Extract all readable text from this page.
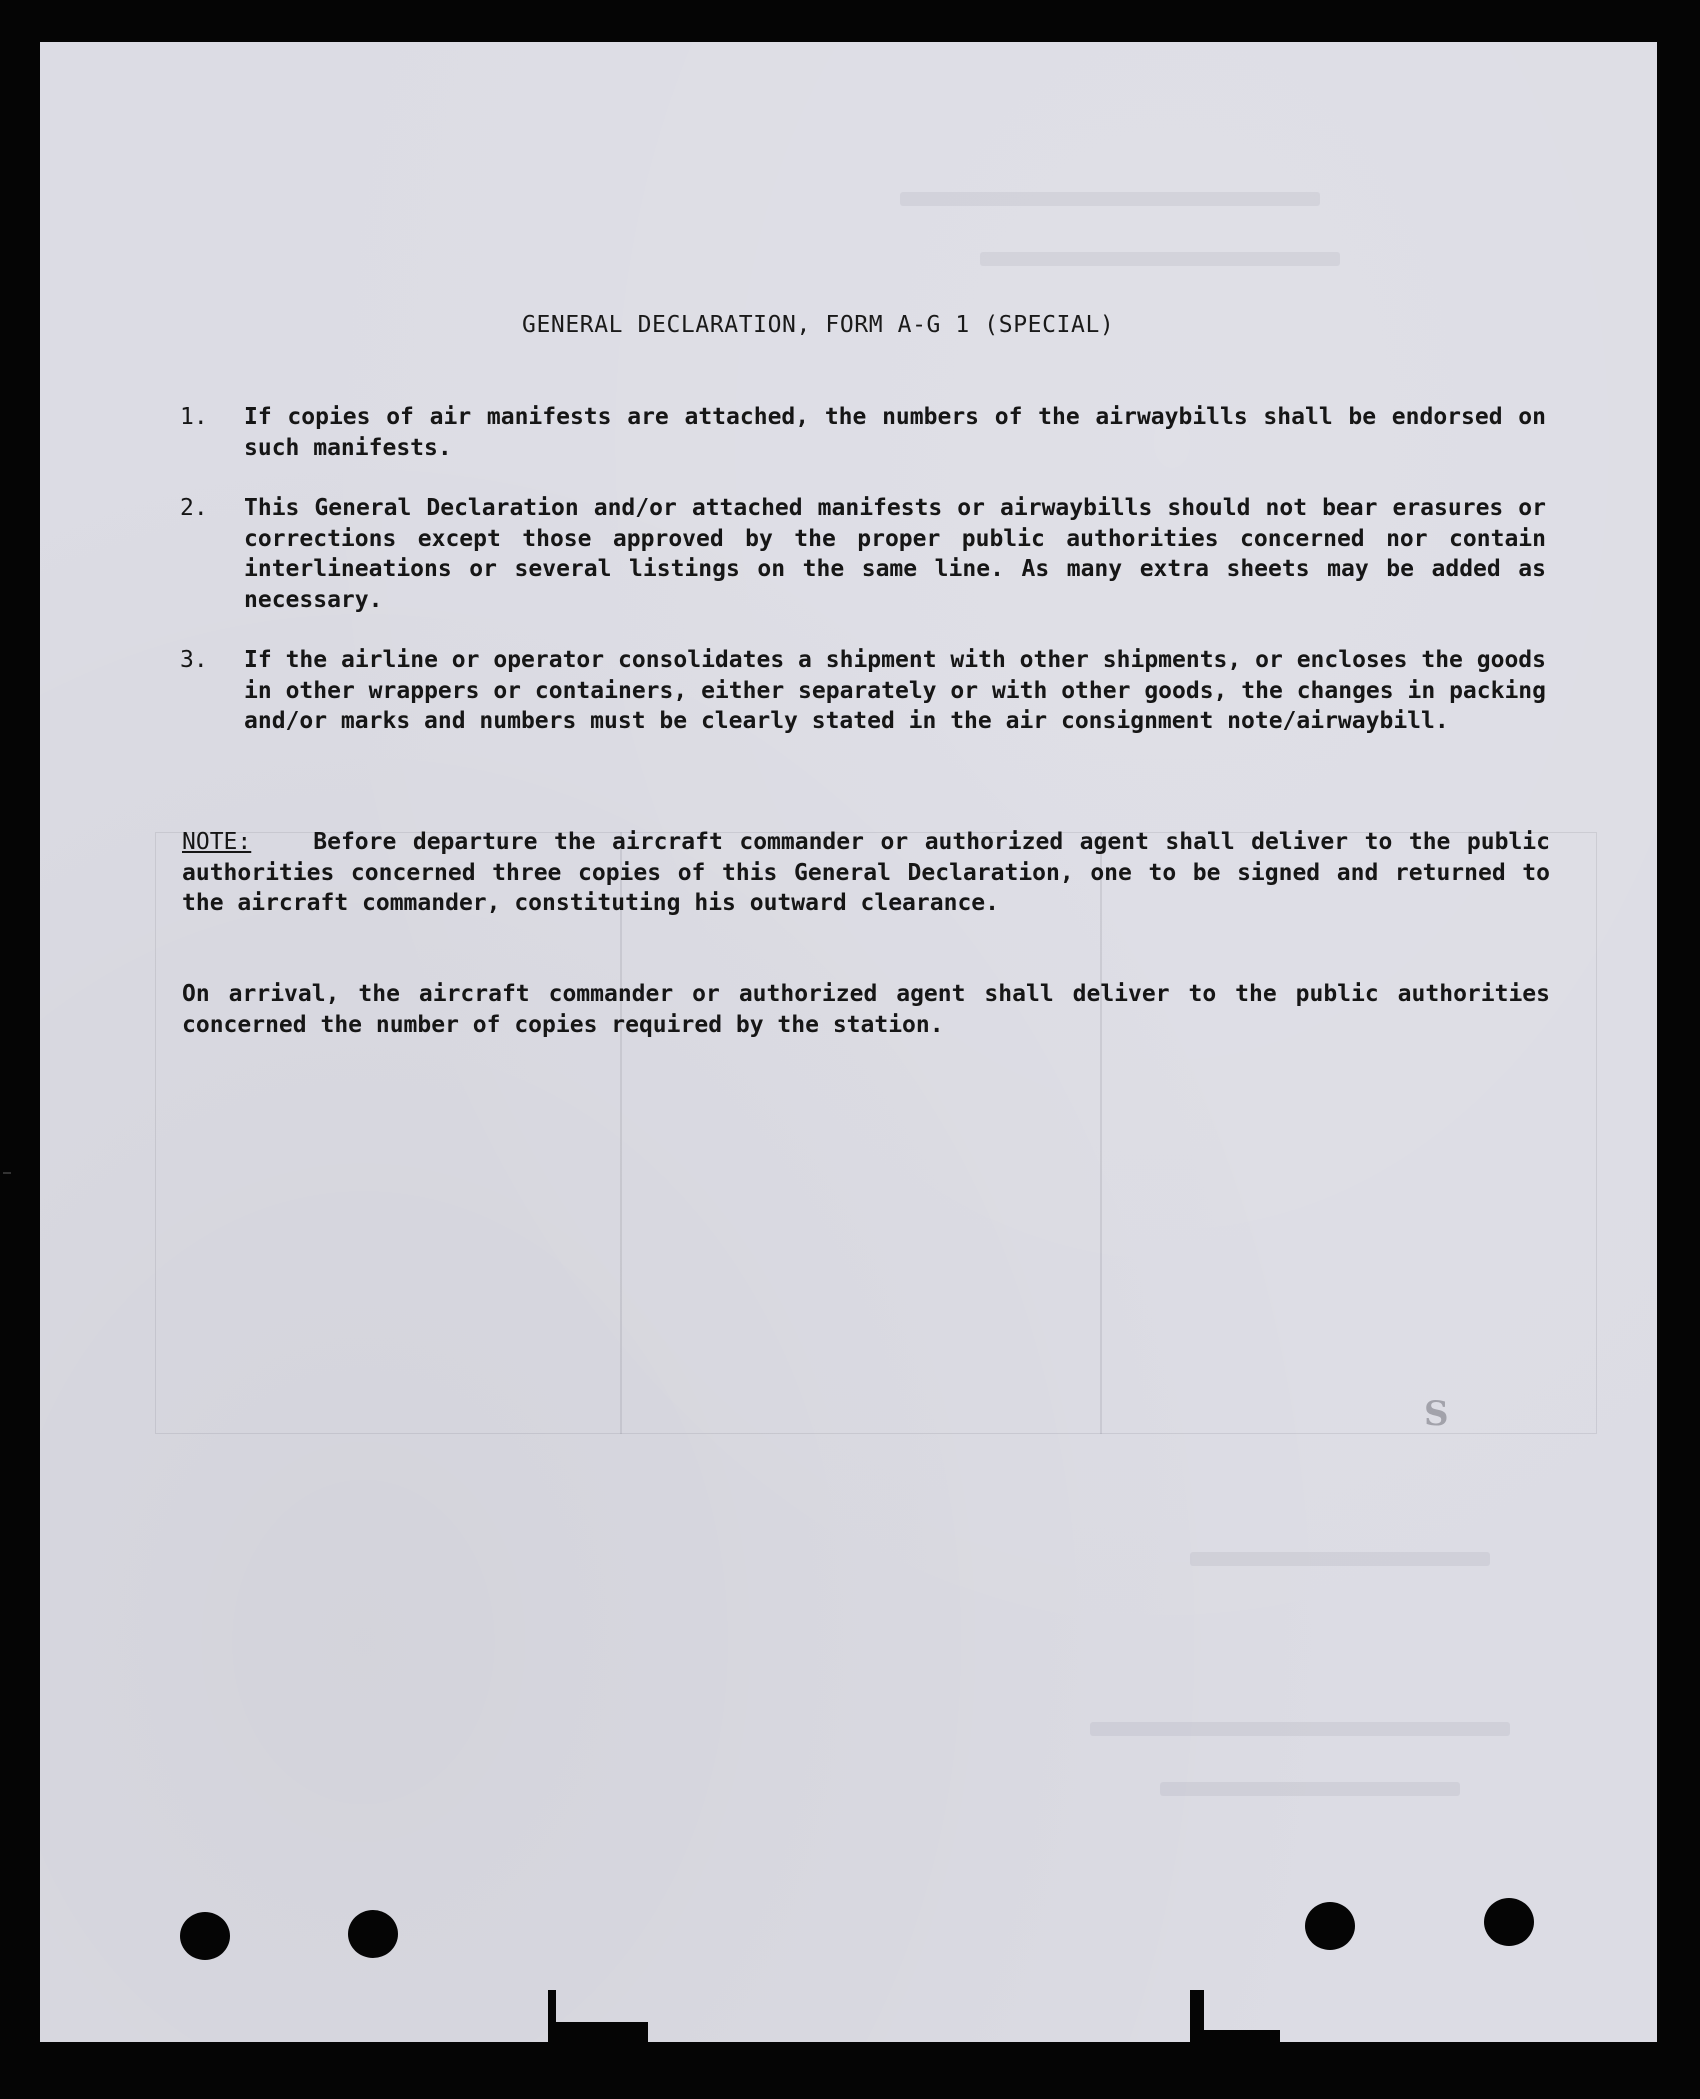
S
GENERAL DECLARATION, FORM A-G 1 (SPECIAL)
1. If copies of air manifests are attached, the numbers of the airwaybills shall be endorsed on such manifests.
2. This General Declaration and/or attached manifests or airwaybills should not bear erasures or corrections except those approved by the proper public authorities concerned nor contain interlineations or several listings on the same line. As many extra sheets may be added as necessary.
3. If the airline or operator consolidates a shipment with other shipments, or encloses the goods in other wrappers or containers, either separately or with other goods, the changes in packing and/or marks and numbers must be clearly stated in the air consignment note/airwaybill.
NOTE:	Before departure the aircraft commander or authorized agent shall deliver to the public authorities concerned three copies of this General Declaration, one to be signed and returned to the aircraft commander, constituting his outward clearance.
On arrival, the aircraft commander or authorized agent shall deliver to the public authorities concerned the number of copies required by the station.
